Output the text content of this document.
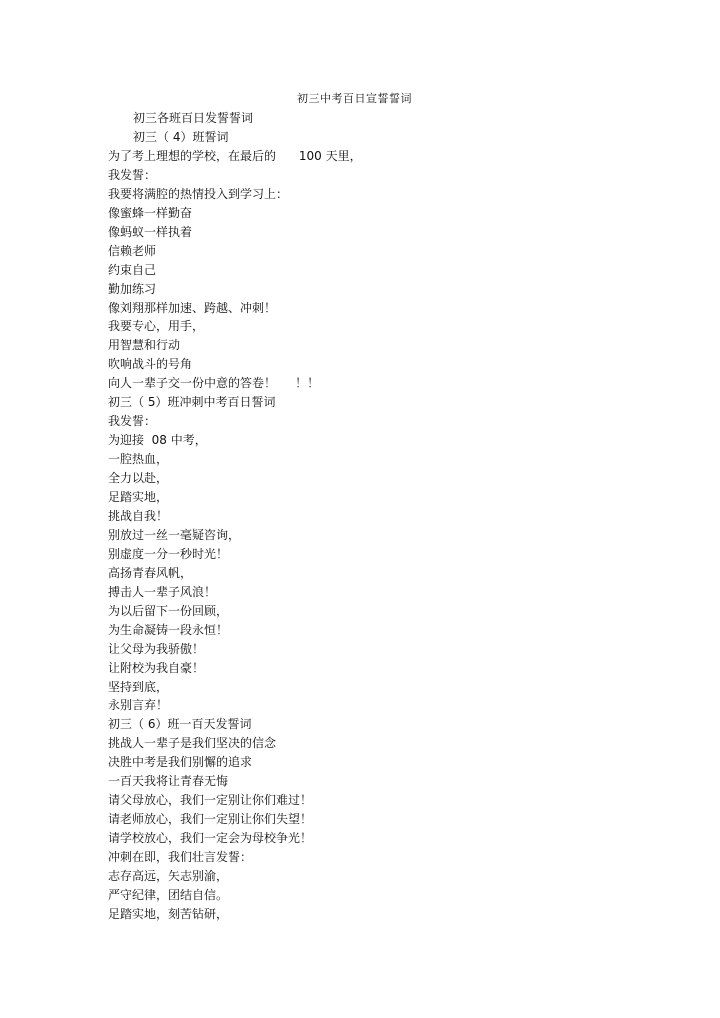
初三中考百日宣誓誓词
初三各班百日发誓誓词
初三（ 4）班誓词
为了考上理想的学校，在最后的      100 天里，
我发誓：
我要将满腔的热情投入到学习上：
像蜜蜂一样勤奋
像蚂蚁一样执着
信赖老师
约束自己
勤加练习
像刘翔那样加速、跨越、冲刺！
我要专心，用手，
用智慧和行动
吹响战斗的号角
向人一辈子交一份中意的答卷！     ！！
初三（ 5）班冲刺中考百日誓词
我发誓：
为迎接  08 中考，
一腔热血，
全力以赴，
足踏实地，
挑战自我！
别放过一丝一毫疑咨询，
别虚度一分一秒时光！
高扬青春风帆，
搏击人一辈子风浪！
为以后留下一份回顾，
为生命凝铸一段永恒！
让父母为我骄傲！
让附校为我自豪！
坚持到底，
永别言弃！
初三（ 6）班一百天发誓词
挑战人一辈子是我们坚决的信念
决胜中考是我们别懈的追求
一百天我将让青春无悔
请父母放心，我们一定别让你们难过！
请老师放心，我们一定别让你们失望！
请学校放心，我们一定会为母校争光！
冲刺在即，我们壮言发誓：
志存高远，矢志别渝，
严守纪律，团结自信。
足踏实地，刻苦钻研，
